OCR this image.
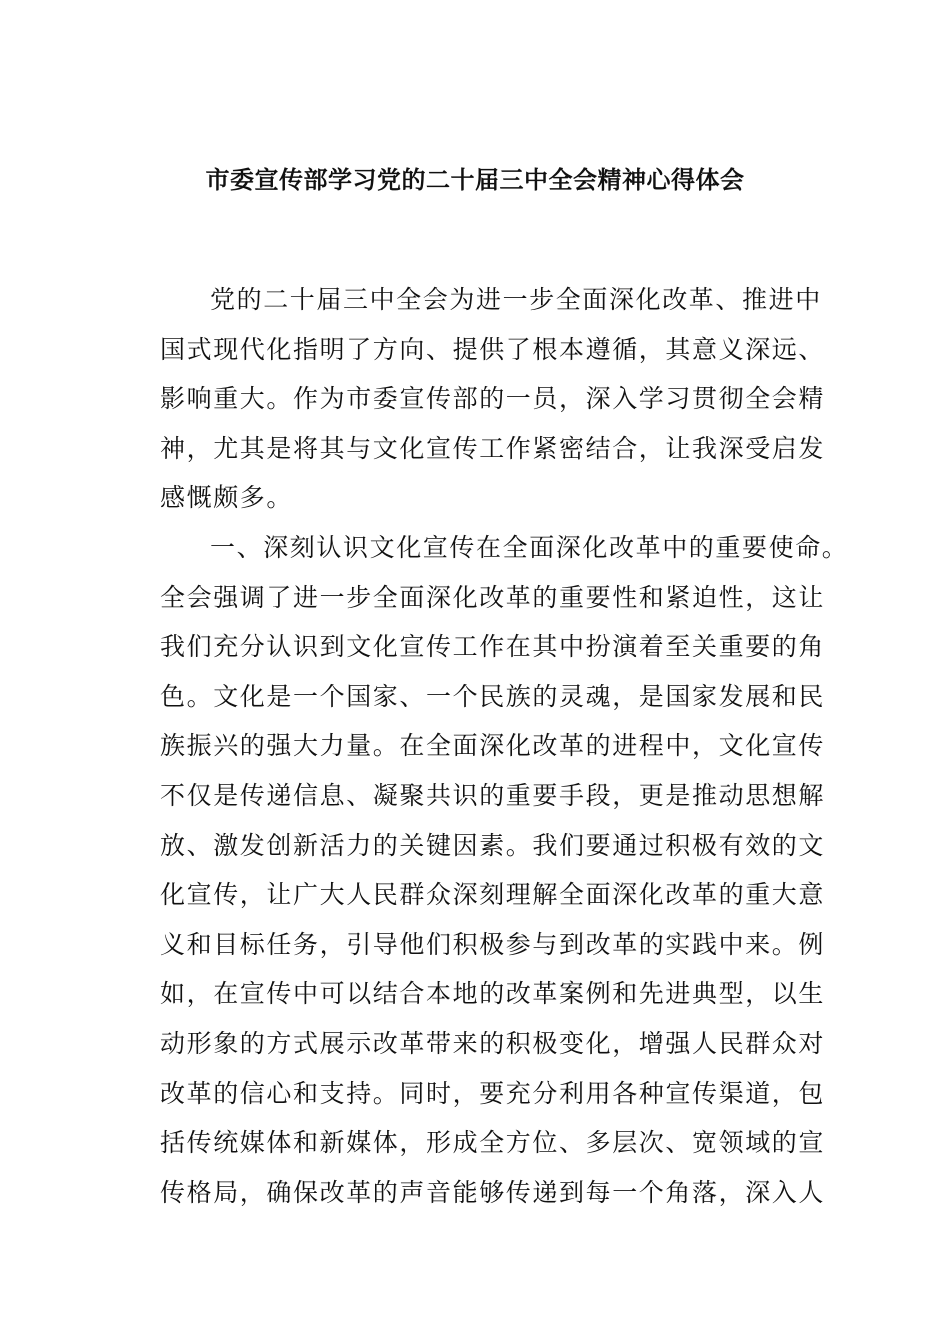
市委宣传部学习党的二十届三中全会精神心得体会
党的二十届三中全会为进一步全面深化改革、推进中
国式现代化指明了方向、提供了根本遵循，其意义深远、
影响重大。作为市委宣传部的一员，深入学习贯彻全会精
神，尤其是将其与文化宣传工作紧密结合，让我深受启发
感慨颇多。
一、深刻认识文化宣传在全面深化改革中的重要使命。
全会强调了进一步全面深化改革的重要性和紧迫性，这让
我们充分认识到文化宣传工作在其中扮演着至关重要的角
色。文化是一个国家、一个民族的灵魂，是国家发展和民
族振兴的强大力量。在全面深化改革的进程中，文化宣传
不仅是传递信息、凝聚共识的重要手段，更是推动思想解
放、激发创新活力的关键因素。我们要通过积极有效的文
化宣传，让广大人民群众深刻理解全面深化改革的重大意
义和目标任务，引导他们积极参与到改革的实践中来。例
如，在宣传中可以结合本地的改革案例和先进典型，以生
动形象的方式展示改革带来的积极变化，增强人民群众对
改革的信心和支持。同时，要充分利用各种宣传渠道，包
括传统媒体和新媒体，形成全方位、多层次、宽领域的宣
传格局，确保改革的声音能够传递到每一个角落，深入人
